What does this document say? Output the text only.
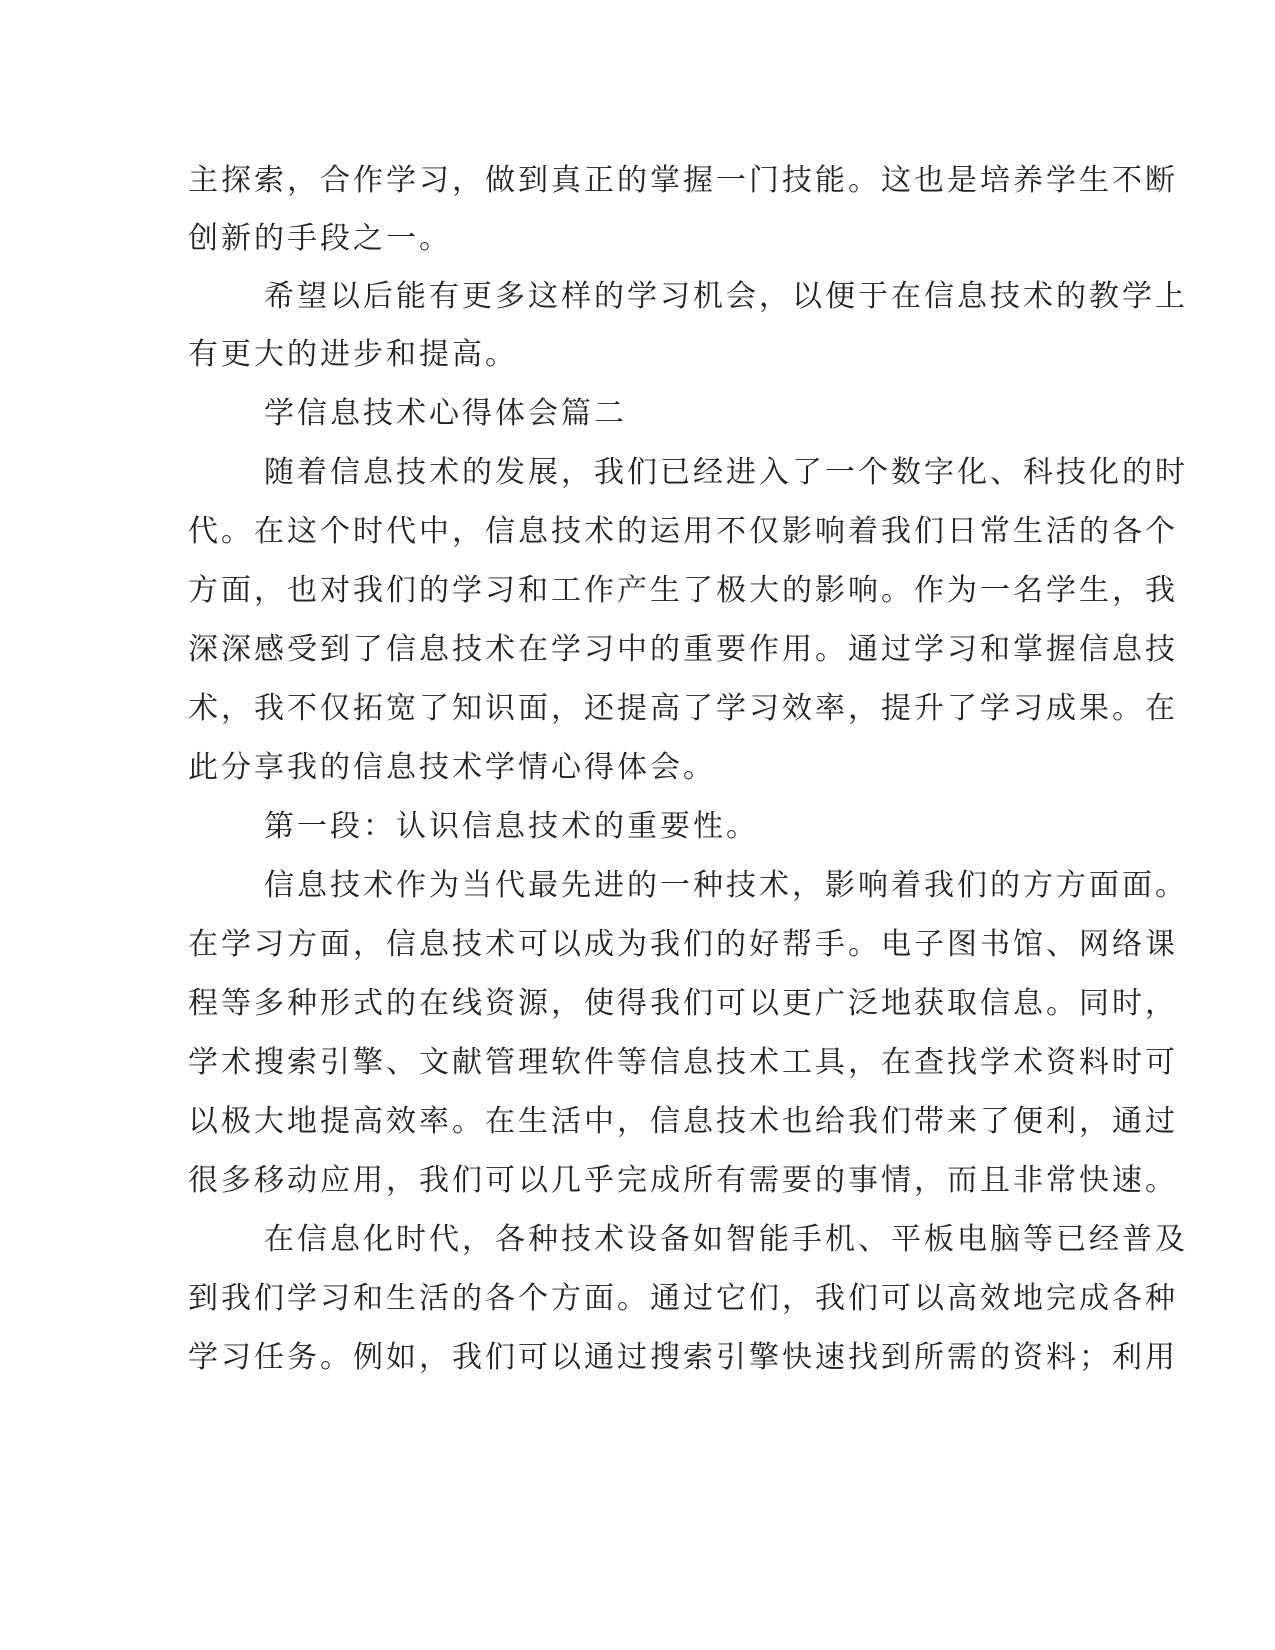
主探索，合作学习，做到真正的掌握一门技能。这也是培养学生不断

创新的手段之一。

希望以后能有更多这样的学习机会，以便于在信息技术的教学上

有更大的进步和提高。

学信息技术心得体会篇二

随着信息技术的发展，我们已经进入了一个数字化、科技化的时

代。在这个时代中，信息技术的运用不仅影响着我们日常生活的各个

方面，也对我们的学习和工作产生了极大的影响。作为一名学生，我

深深感受到了信息技术在学习中的重要作用。通过学习和掌握信息技

术，我不仅拓宽了知识面，还提高了学习效率，提升了学习成果。在

此分享我的信息技术学情心得体会。

第一段：认识信息技术的重要性。

信息技术作为当代最先进的一种技术，影响着我们的方方面面。

在学习方面，信息技术可以成为我们的好帮手。电子图书馆、网络课

程等多种形式的在线资源，使得我们可以更广泛地获取信息。同时，

学术搜索引擎、文献管理软件等信息技术工具，在查找学术资料时可

以极大地提高效率。在生活中，信息技术也给我们带来了便利，通过

很多移动应用，我们可以几乎完成所有需要的事情，而且非常快速。

在信息化时代，各种技术设备如智能手机、平板电脑等已经普及

到我们学习和生活的各个方面。通过它们，我们可以高效地完成各种

学习任务。例如，我们可以通过搜索引擎快速找到所需的资料；利用
